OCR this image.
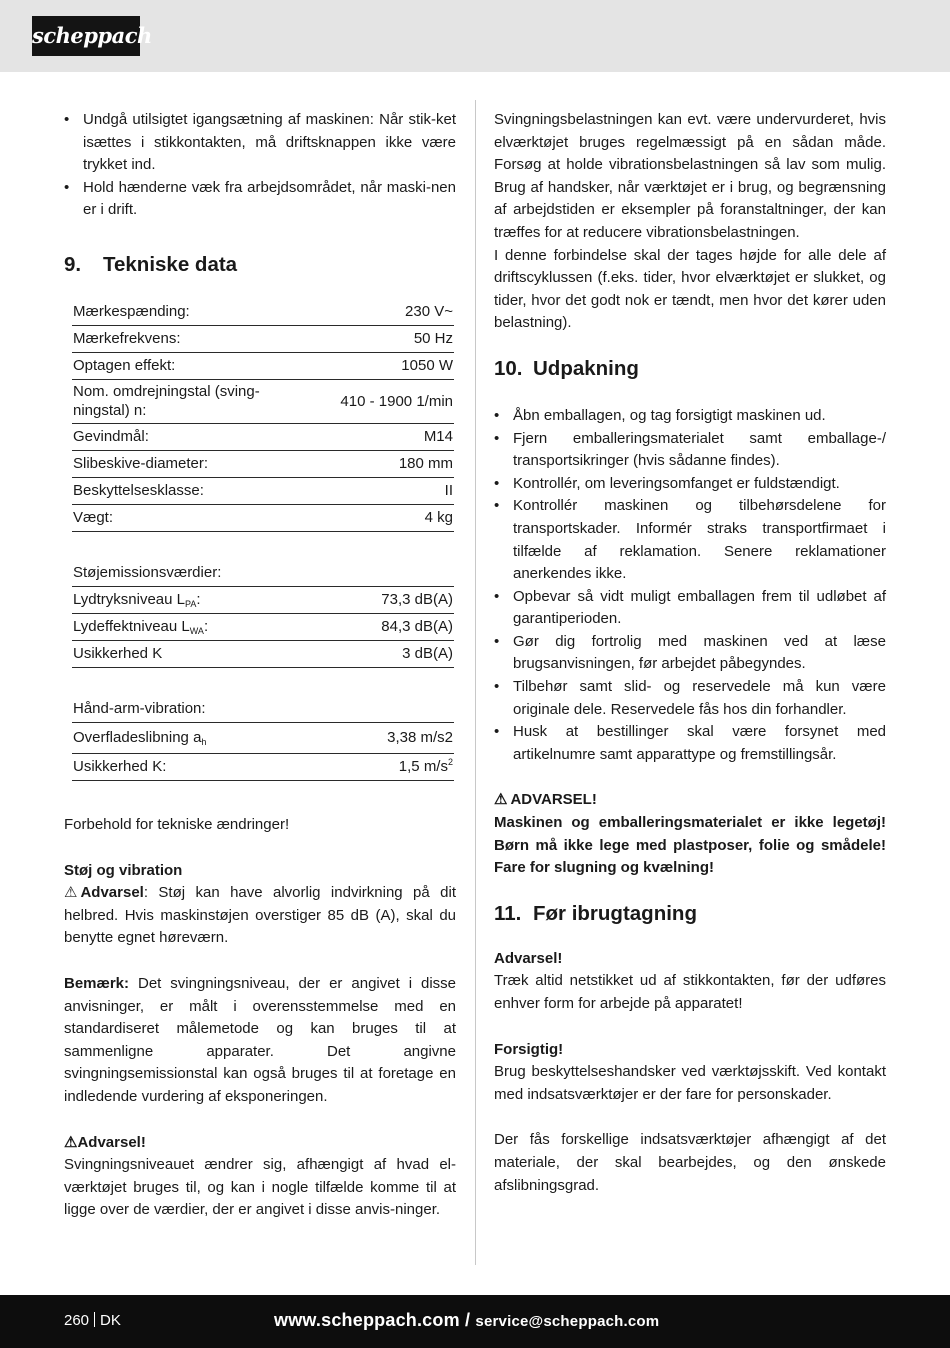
scheppach
• Undgå utilsigtet igangsætning af maskinen: Når stik-ket isættes i stikkontakten, må driftsknappen ikke være trykket ind.
• Hold hænderne væk fra arbejdsområdet, når maski-nen er i drift.
9. Tekniske data
Mærkespænding:	230 V~
Mærkefrekvens:	50 Hz
Optagen effekt:	1050 W
Nom. omdrejningstal (sving-ningstal) n:	410 - 1900 1/min
Gevindmål:	M14
Slibeskive-diameter:	180 mm
Beskyttelsesklasse:	II
Vægt:	4 kg

Støjemissionsværdier:	
Lydtryksniveau $L_{PA}$:	73,3 dB(A)
Lydeffektniveau $L_{WA}$:	84,3 dB(A)
Usikkerhed K	3 dB(A)

Hånd-arm-vibration:	
Overfladeslibning $a_h$	3,38 m/s2
Usikkerhed K:	1,5 $m/s^2$

Forbehold for tekniske ændringer!

Støj og vibration

⚠ Advarsel: Støj kan have alvorlig indvirkning på dit helbred. Hvis maskinstøjen overstiger 85 dB (A), skal du benytte egnet høreværn.

Bemærk: Det svingningsniveau, der er angivet i disse anvisninger, er målt i overensstemmelse med en standardiseret målemetode og kan bruges til at sammenligne apparater. Det angivne svingningsemissionstal kan også bruges til at foretage en indledende vurdering af eksponeringen.

⚠Advarsel!

Svingningsniveauet ændrer sig, afhængigt af hvad el-værktøjet bruges til, og kan i nogle tilfælde komme til at ligge over de værdier, der er angivet i disse anvis-ninger.

Svingningsbelastningen kan evt. være undervurderet, hvis elværktøjet bruges regelmæssigt på en sådan måde. Forsøg at holde vibrationsbelastningen så lav som mulig. Brug af handsker, når værktøjet er i brug, og begrænsning af arbejdstiden er eksempler på foranstaltninger, der kan træffes for at reducere vibrationsbelastningen.

I denne forbindelse skal der tages højde for alle dele af driftscyklussen (f.eks. tider, hvor elværktøjet er slukket, og tider, hvor det godt nok er tændt, men hvor det kører uden belastning).

10. Udpakning
• Åbn emballagen, og tag forsigtigt maskinen ud.
• Fjern emballeringsmaterialet samt emballage-/ transportsikringer (hvis sådanne findes).
• Kontrollér, om leveringsomfanget er fuldstændigt.
• Kontrollér maskinen og tilbehørsdelene for transportskader. Informér straks transportfirmaet i tilfælde af reklamation. Senere reklamationer anerkendes ikke.
• Opbevar så vidt muligt emballagen frem til udløbet af garantiperioden.
• Gør dig fortrolig med maskinen ved at læse brugsanvisningen, før arbejdet påbegyndes.
• Tilbehør samt slid- og reservedele må kun være originale dele. Reservedele fås hos din forhandler.
• Husk at bestillinger skal være forsynet med artikelnumre samt apparattype og fremstillingsår.

⚠ ADVARSEL!

Maskinen og emballeringsmaterialet er ikke legetøj! Børn må ikke lege med plastposer, folie og smådele! Fare for slugning og kvælning!

11. Før ibrugtagning

Advarsel!

Træk altid netstikket ud af stikkontakten, før der udføres enhver form for arbejde på apparatet!

Forsigtig!

Brug beskyttelseshandsker ved værktøjsskift. Ved kontakt med indsatsværktøjer er der fare for personskader.

Der fås forskellige indsatsværktøjer afhængigt af det materiale, der skal bearbejdes, og den ønskede afslibningsgrad.

260 DK	www.scheppach.com / service@scheppach.com
